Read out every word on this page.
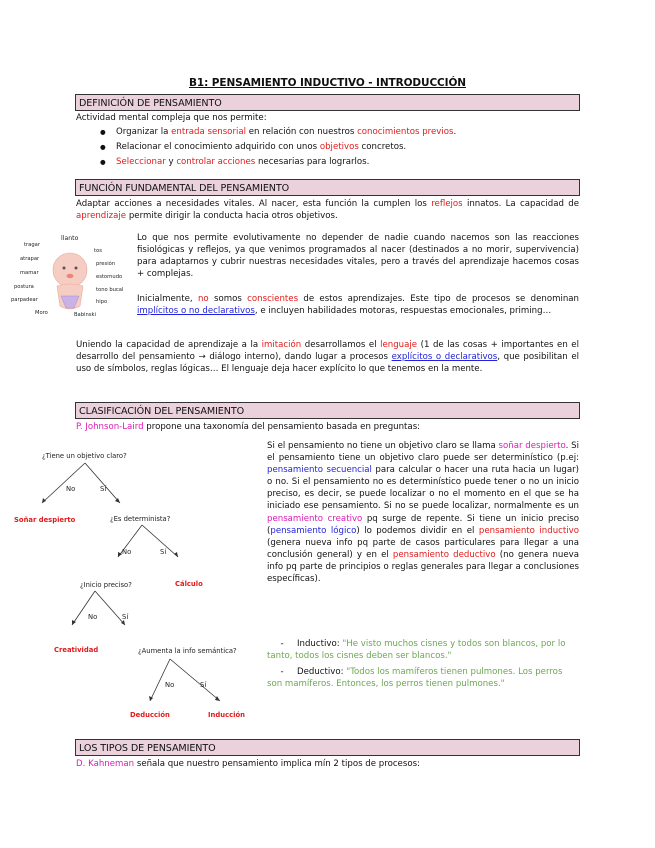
B1: PENSAMIENTO INDUCTIVO - INTRODUCCIÓN
DEFINICIÓN DE PENSAMIENTO

Actividad mental compleja que nos permite:

● Organizar la entrada sensorial en relación con nuestros conocimientos previos.
● Relacionar el conocimiento adquirido con unos objetivos concretos.
● Seleccionar y controlar acciones necesarias para lograrlos.
FUNCIÓN FUNDAMENTAL DEL PENSAMIENTO

Adaptar acciones a necesidades vitales. Al nacer, esta función la cumplen los reflejos innatos. La capacidad de aprendizaje permite dirigir la conducta hacia otros objetivos.

llanto
tragar
atrapar
mamar
postura
parpadear
Moro
tos
presión
estornudo
tono bucal
hipo
Babinski

Lo que nos permite evolutivamente no depender de nadie cuando nacemos son las reacciones fisiológicas y reflejos, ya que venimos programados al nacer (destinados a no morir, supervivencia) para adaptarnos y cubrir nuestras necesidades vitales, pero a través del aprendizaje hacemos cosas + complejas.

Inicialmente, no somos conscientes de estos aprendizajes. Este tipo de procesos se denominan implícitos o no declarativos, e incluyen habilidades motoras, respuestas emocionales, priming…

Uniendo la capacidad de aprendizaje a la imitación desarrollamos el lenguaje (1 de las cosas + importantes en el desarrollo del pensamiento → diálogo interno), dando lugar a procesos explícitos o declarativos, que posibilitan el uso de símbolos, reglas lógicas… El lenguaje deja hacer explícito lo que tenemos en la mente.

CLASIFICACIÓN DEL PENSAMIENTO

P. Johnson-Laird propone una taxonomía del pensamiento basada en preguntas:

¿Tiene un objetivo claro?
No	Sí
Soñar despierto	¿Es determinista?
No	Sí
Cálculo
¿Inicio preciso?
No	Sí
Creatividad	¿Aumenta la info semántica?
No	Sí
Deducción	Inducción

Si el pensamiento no tiene un objetivo claro se llama soñar despierto. Si el pensamiento tiene un objetivo claro puede ser determinístico (p.ej: pensamiento secuencial para calcular o hacer una ruta hacia un lugar) o no. Si el pensamiento no es determinístico puede tener o no un inicio preciso, es decir, se puede localizar o no el momento en el que se ha iniciado ese pensamiento. Si no se puede localizar, normalmente es un pensamiento creativo pq surge de repente. Si tiene un inicio preciso (pensamiento lógico) lo podemos dividir en el pensamiento inductivo (genera nueva info pq parte de casos particulares para llegar a una conclusión general) y en el pensamiento deductivo (no genera nueva info pq parte de principios o reglas generales para llegar a conclusiones específicas).

- Inductivo: "He visto muchos cisnes y todos son blancos, por lo tanto, todos los cisnes deben ser blancos."

- Deductivo: "Todos los mamíferos tienen pulmones. Los perros son mamíferos. Entonces, los perros tienen pulmones."

LOS TIPOS DE PENSAMIENTO

D. Kahneman señala que nuestro pensamiento implica mín 2 tipos de procesos:
